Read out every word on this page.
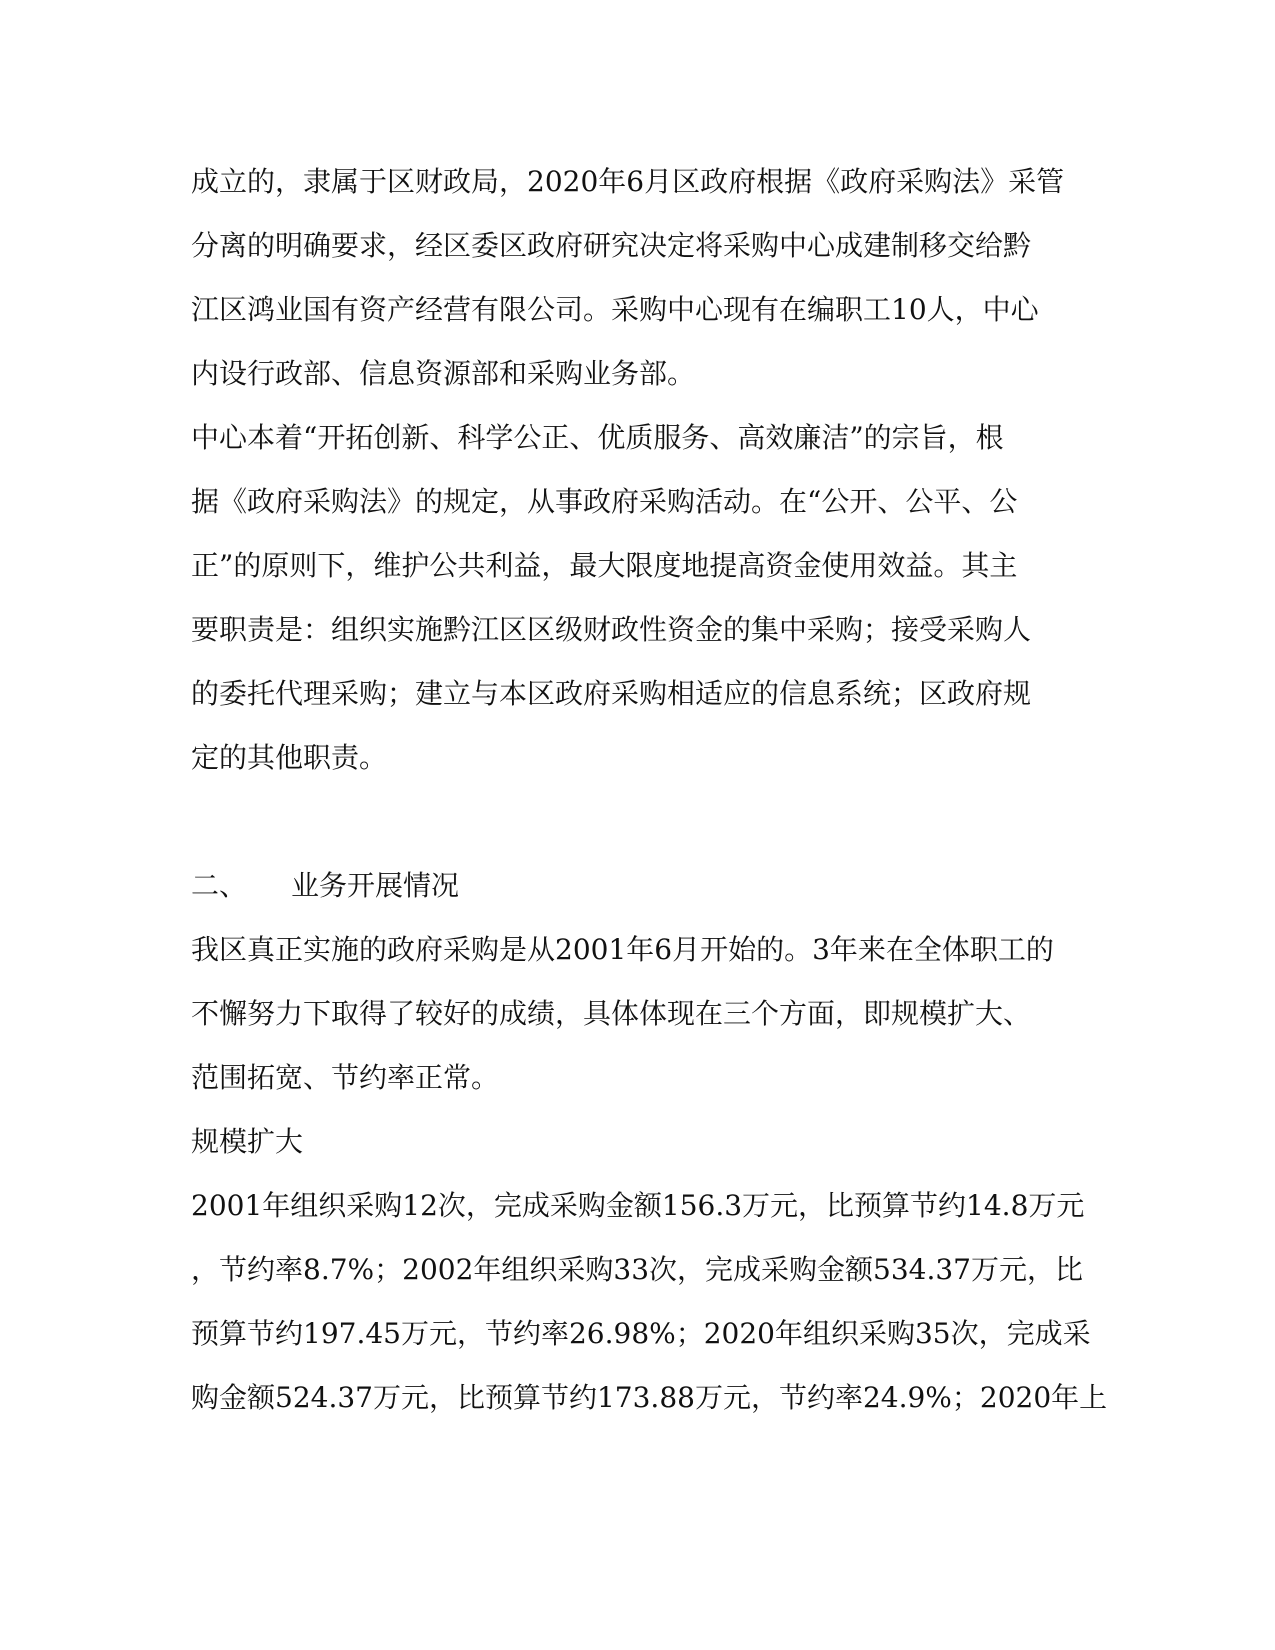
成立的，隶属于区财政局，2020年6月区政府根据《政府采购法》采管
分离的明确要求，经区委区政府研究决定将采购中心成建制移交给黔
江区鸿业国有资产经营有限公司。采购中心现有在编职工10人，中心
内设行政部、信息资源部和采购业务部。
中心本着“开拓创新、科学公正、优质服务、高效廉洁”的宗旨，根
据《政府采购法》的规定，从事政府采购活动。在“公开、公平、公
正”的原则下，维护公共利益，最大限度地提高资金使用效益。其主
要职责是：组织实施黔江区区级财政性资金的集中采购；接受采购人
的委托代理采购；建立与本区政府采购相适应的信息系统；区政府规
定的其他职责。
二、 业务开展情况
我区真正实施的政府采购是从2001年6月开始的。3年来在全体职工的
不懈努力下取得了较好的成绩，具体体现在三个方面，即规模扩大、
范围拓宽、节约率正常。
规模扩大
2001年组织采购12次，完成采购金额156.3万元，比预算节约14.8万元
，节约率8.7%；2002年组织采购33次，完成采购金额534.37万元，比
预算节约197.45万元，节约率26.98%；2020年组织采购35次，完成采
购金额524.37万元，比预算节约173.88万元，节约率24.9%；2020年上
